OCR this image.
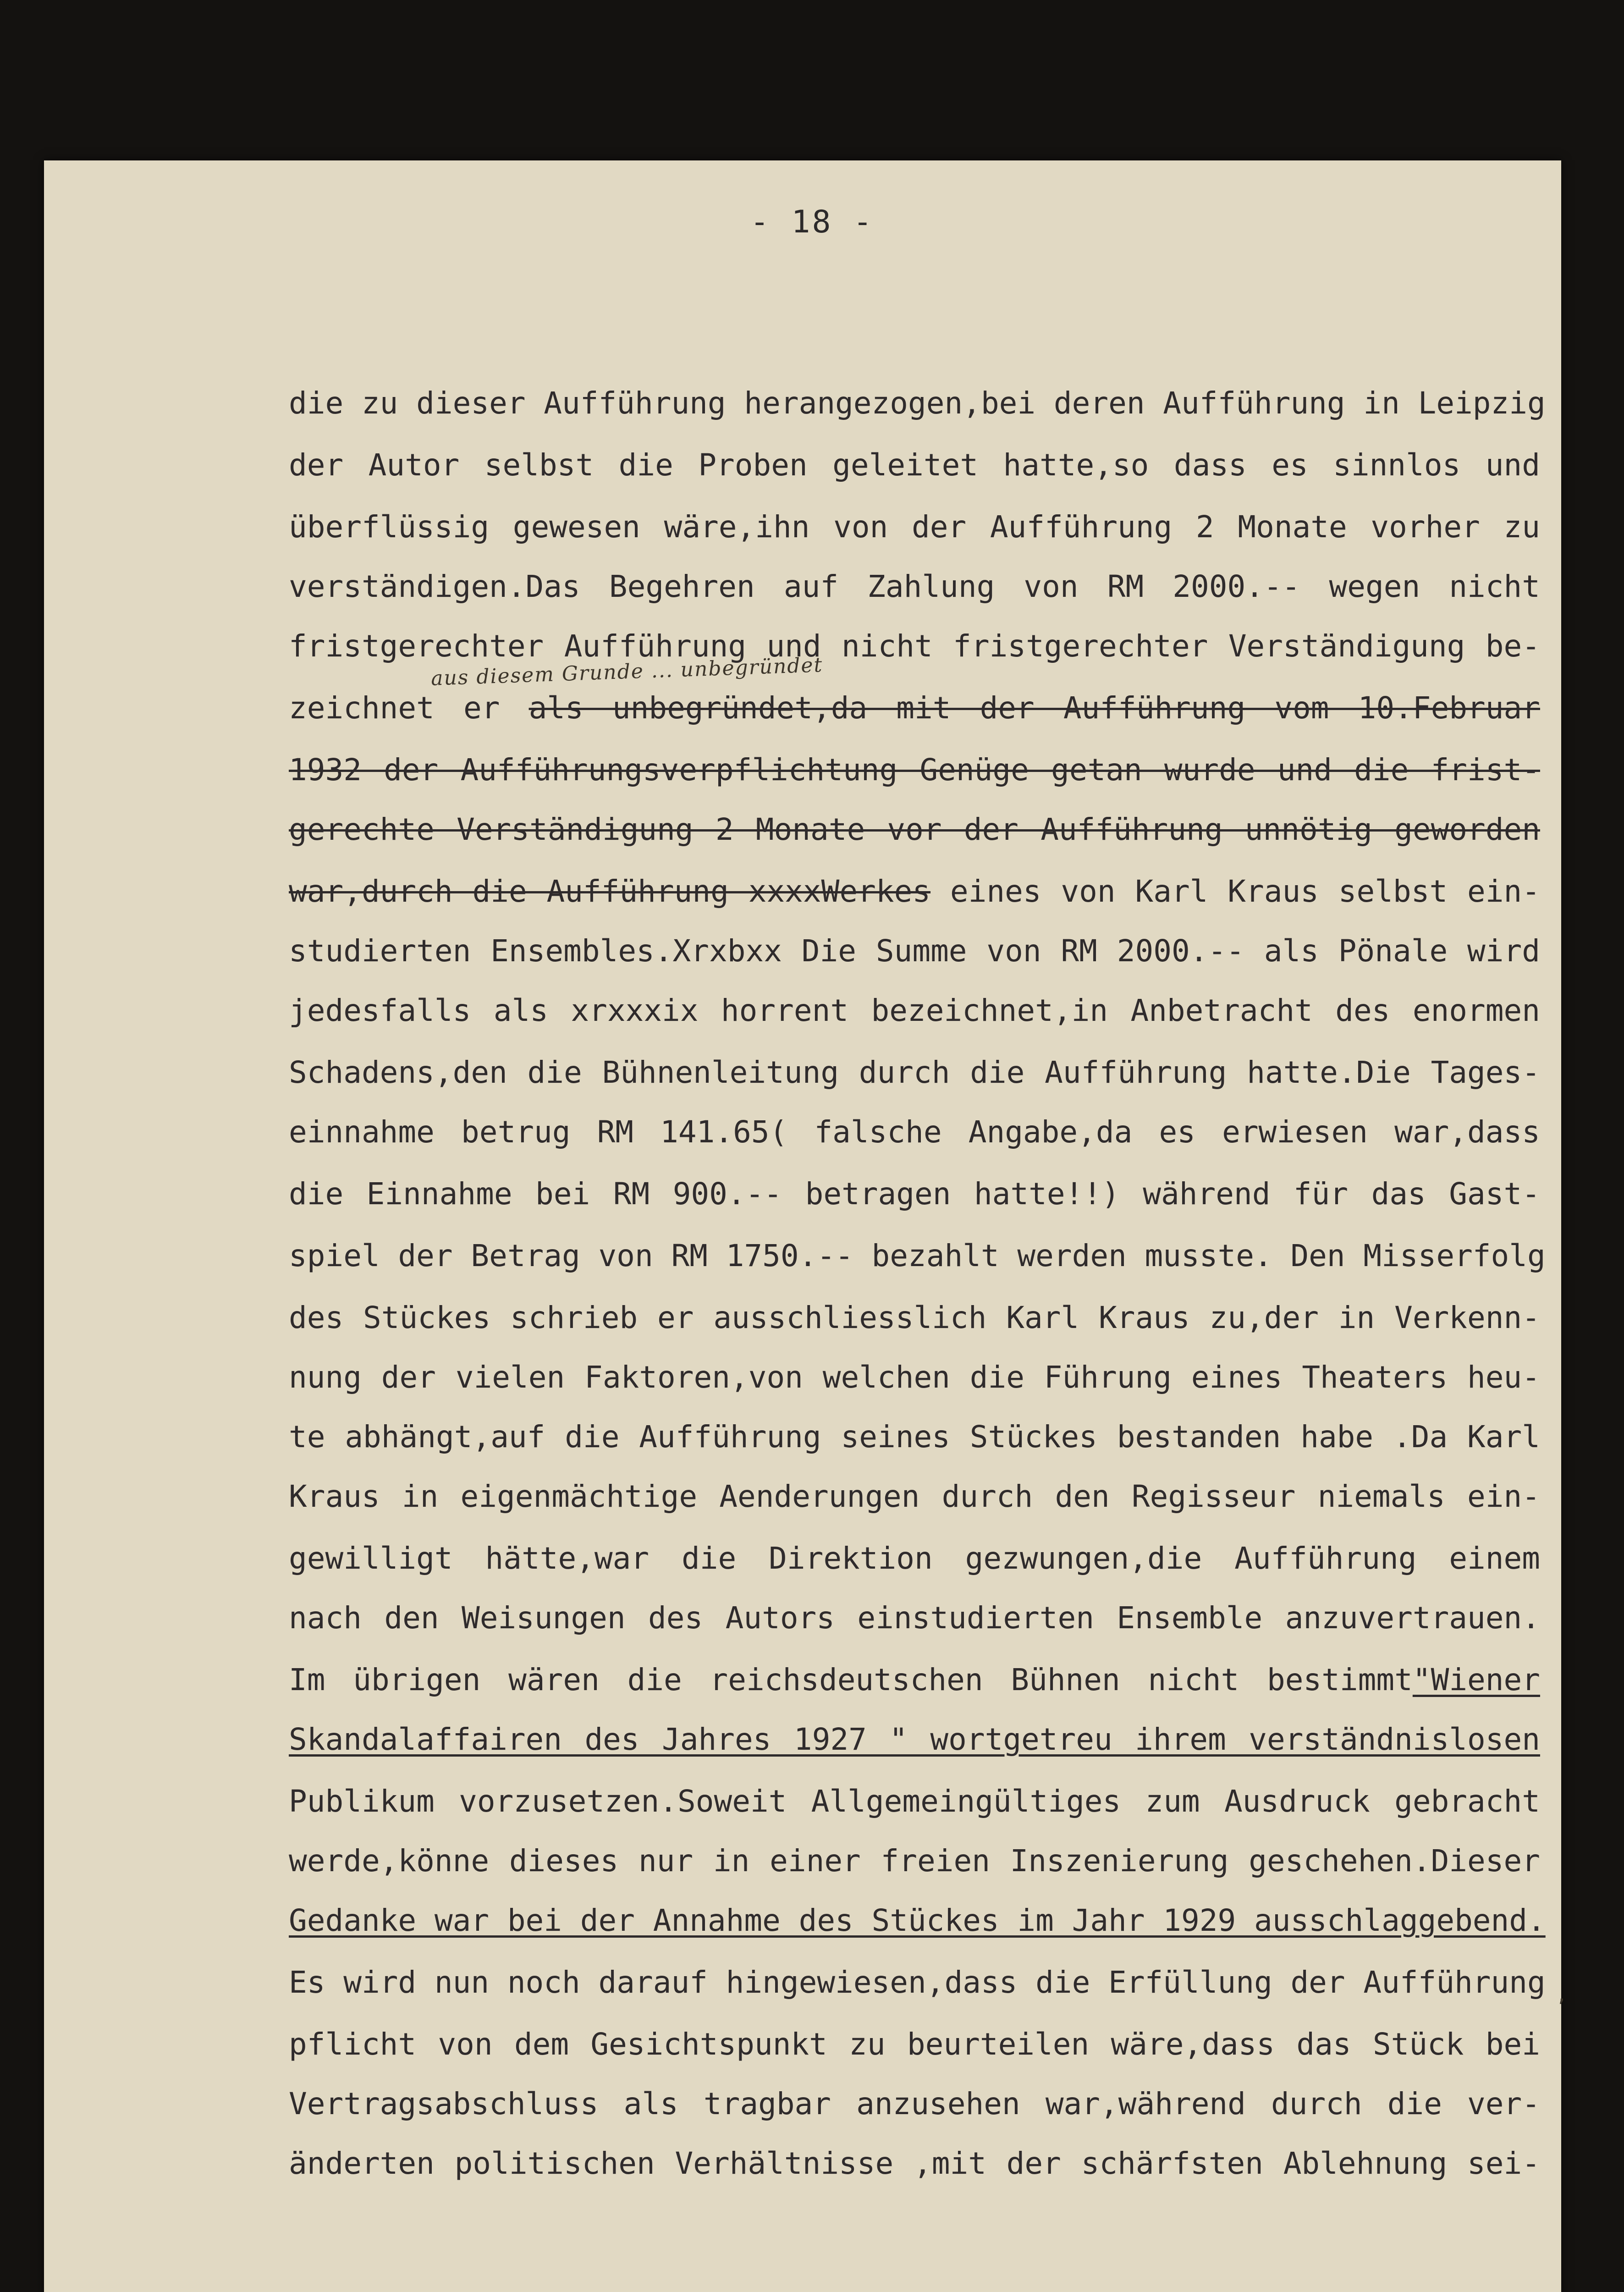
- 18 -
aus diesem Grunde ... unbegründet
,
die zu dieser Aufführung herangezogen,bei deren Aufführung in Leipzig
der Autor selbst die Proben geleitet hatte,so dass es sinnlos und
überflüssig gewesen wäre,ihn von der Aufführung 2 Monate vorher zu
verständigen.Das Begehren auf Zahlung von RM 2000.-- wegen nicht
fristgerechter Aufführung und nicht fristgerechter Verständigung be-
zeichnet er als unbegründet,da mit der Aufführung vom 10.Februar
1932 der Aufführungsverpflichtung Genüge getan wurde und die frist-
gerechte Verständigung 2 Monate vor der Aufführung unnötig geworden
war,durch die Aufführung xxxxWerkes eines von Karl Kraus selbst ein-
studierten Ensembles.Xrxbxx Die Summe von RM 2000.-- als Pönale wird
jedesfalls als xrxxxix horrent bezeichnet,in Anbetracht des enormen
Schadens,den die Bühnenleitung durch die Aufführung hatte.Die Tages-
einnahme betrug RM 141.65( falsche Angabe,da es erwiesen war,dass
die Einnahme bei RM 900.-- betragen hatte!!) während für das Gast-
spiel der Betrag von RM 1750.-- bezahlt werden musste. Den Misserfolg
des Stückes schrieb er ausschliesslich Karl Kraus zu,der in Verkenn-
nung der vielen Faktoren,von welchen die Führung eines Theaters heu-
te abhängt,auf die Aufführung seines Stückes bestanden habe .Da Karl
Kraus in eigenmächtige Aenderungen durch den Regisseur niemals ein-
gewilligt hätte,war die Direktion gezwungen,die Aufführung einem
nach den Weisungen des Autors einstudierten Ensemble anzuvertrauen.
Im übrigen wären die reichsdeutschen Bühnen nicht bestimmt"Wiener
Skandalaffairen des Jahres 1927 " wortgetreu ihrem verständnislosen
Publikum vorzusetzen.Soweit Allgemeingültiges zum Ausdruck gebracht
werde,könne dieses nur in einer freien Inszenierung geschehen.Dieser
Gedanke war bei der Annahme des Stückes im Jahr 1929 ausschlaggebend.
Es wird nun noch darauf hingewiesen,dass die Erfüllung der Aufführung
pflicht von dem Gesichtspunkt zu beurteilen wäre,dass das Stück bei
Vertragsabschluss als tragbar anzusehen war,während durch die ver-
änderten politischen Verhältnisse ,mit der schärfsten Ablehnung sei-
